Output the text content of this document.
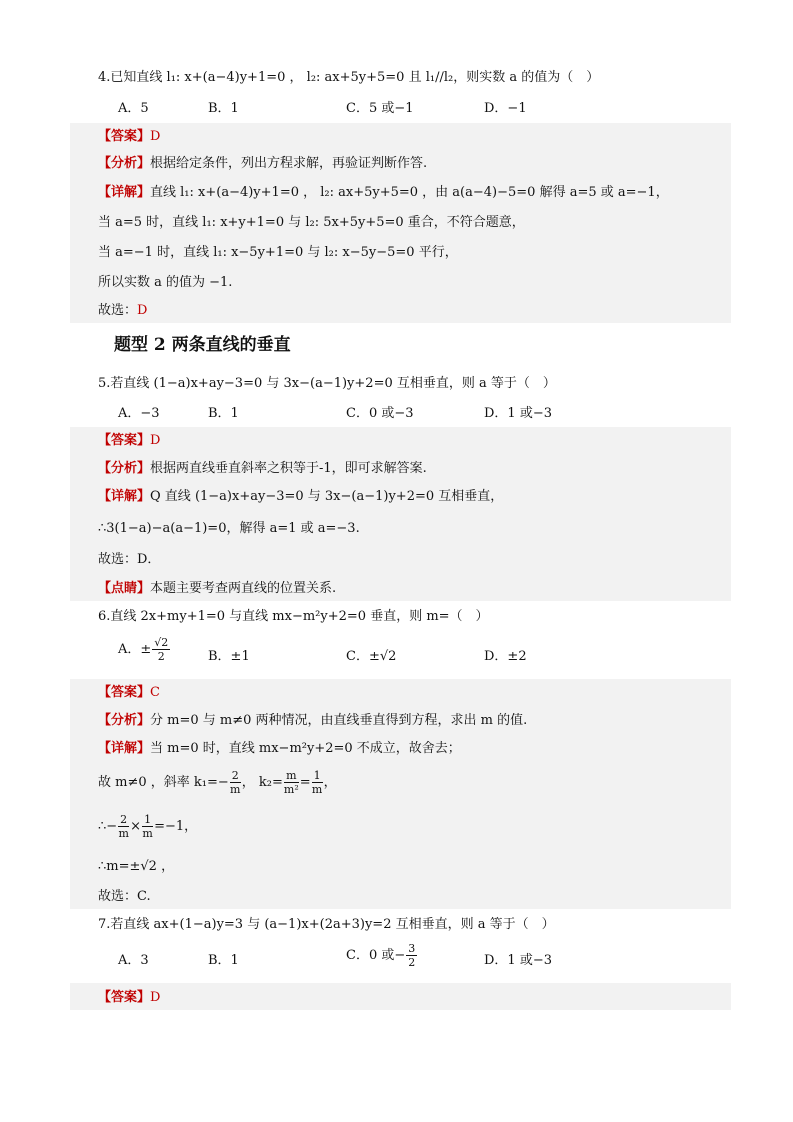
4.已知直线 l₁: x+(a−4)y+1=0 ， l₂: ax+5y+5=0 且 l₁//l₂，则实数 a 的值为（　）
A．5	B．1	C．5 或−1	D．−1
【答案】D
【分析】根据给定条件，列出方程求解，再验证判断作答.
【详解】直线 l₁: x+(a−4)y+1=0 ， l₂: ax+5y+5=0 ，由 a(a−4)−5=0 解得 a=5 或 a=−1，
当 a=5 时，直线 l₁: x+y+1=0 与 l₂: 5x+5y+5=0 重合，不符合题意，
当 a=−1 时，直线 l₁: x−5y+1=0 与 l₂: x−5y−5=0 平行，
所以实数 a 的值为 −1.
故选：D
题型 2 两条直线的垂直
5.若直线 (1−a)x+ay−3=0 与 3x−(a−1)y+2=0 互相垂直，则 a 等于（　）
A．−3	B．1	C．0 或−3	D．1 或−3
【答案】D
【分析】根据两直线垂直斜率之积等于-1，即可求解答案.
【详解】Q 直线 (1−a)x+ay−3=0 与 3x−(a−1)y+2=0 互相垂直，
∴3(1−a)−a(a−1)=0，解得 a=1 或 a=−3.
故选：D．
【点睛】本题主要考查两直线的位置关系.
6.直线 2x+my+1=0 与直线 mx−m²y+2=0 垂直，则 m=（　）
A．± $\frac{√2}{2}$	B．±1	C．±√2	D．±2
【答案】C
【分析】分 m=0 与 m≠0 两种情况，由直线垂直得到方程，求出 m 的值.
【详解】当 m=0 时，直线 mx−m²y+2=0 不成立，故舍去；
故 m≠0 ，斜率 $k_1=- \frac{2}{m}$ ， $k_2= \frac{m}{\text{m²}} = \frac{1}{m}$ ，
∴− $\frac{2}{m} \times \frac{1}{m} =-1$，
∴m=±√2 ，
故选：C.
7.若直线 ax+(1−a)y=3 与 (a−1)x+(2a+3)y=2 互相垂直，则 a 等于（　）
A．3	B．1	C．0 或− $\frac{3}{2}$	D．1 或−3
【答案】D
